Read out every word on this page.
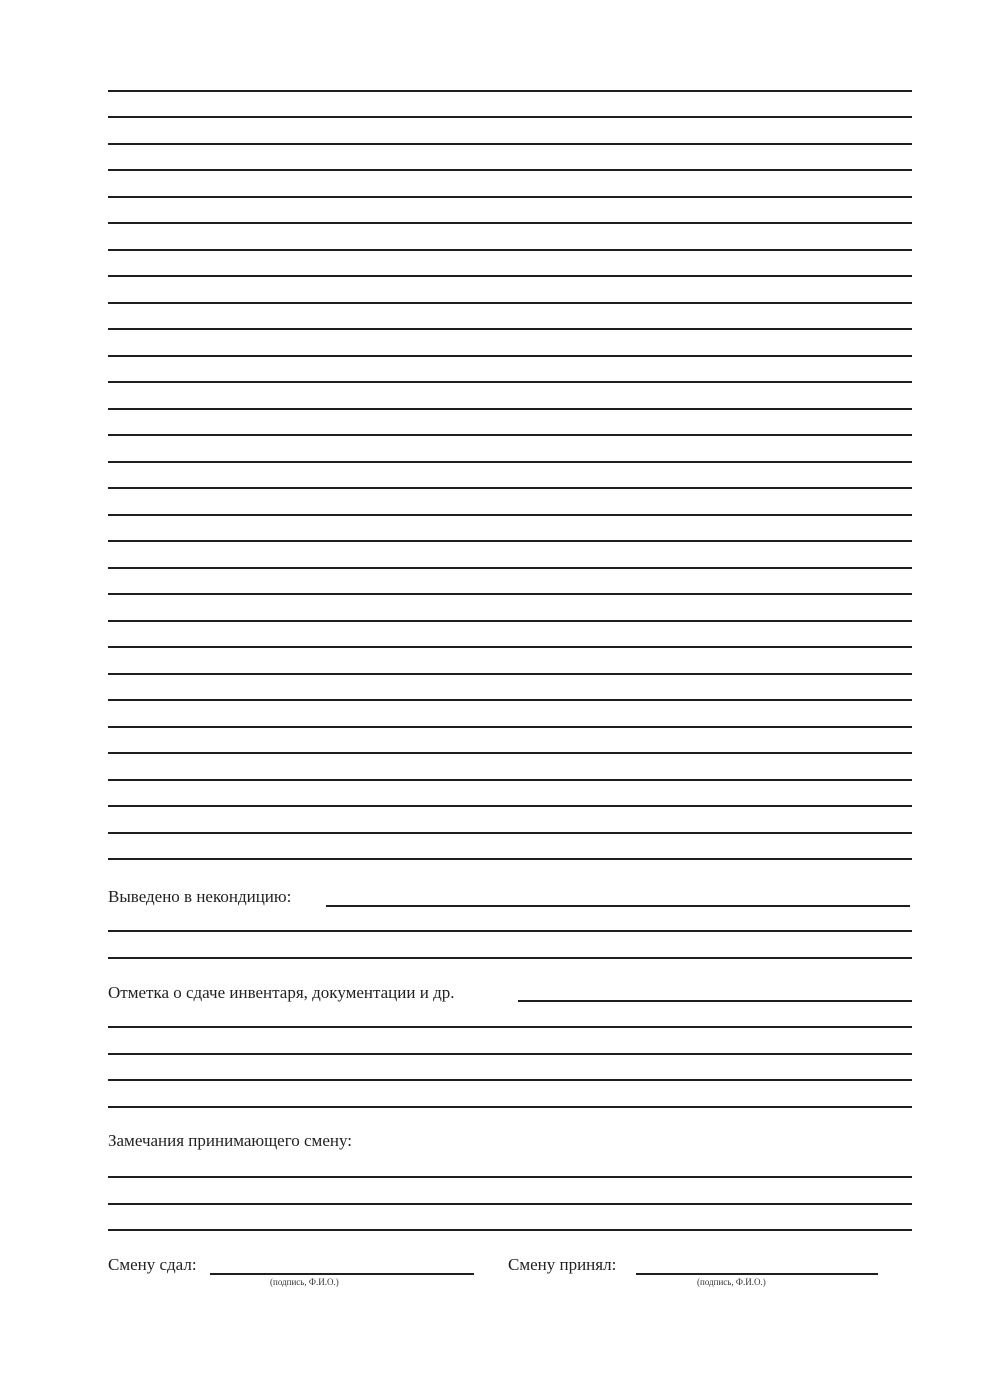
Выведено в некондицию:
Отметка о сдаче инвентаря, документации и др.
Замечания принимающего смену:
Смену сдал:
(подпись, Ф.И.О.)
Смену принял:
(подпись, Ф.И.О.)
